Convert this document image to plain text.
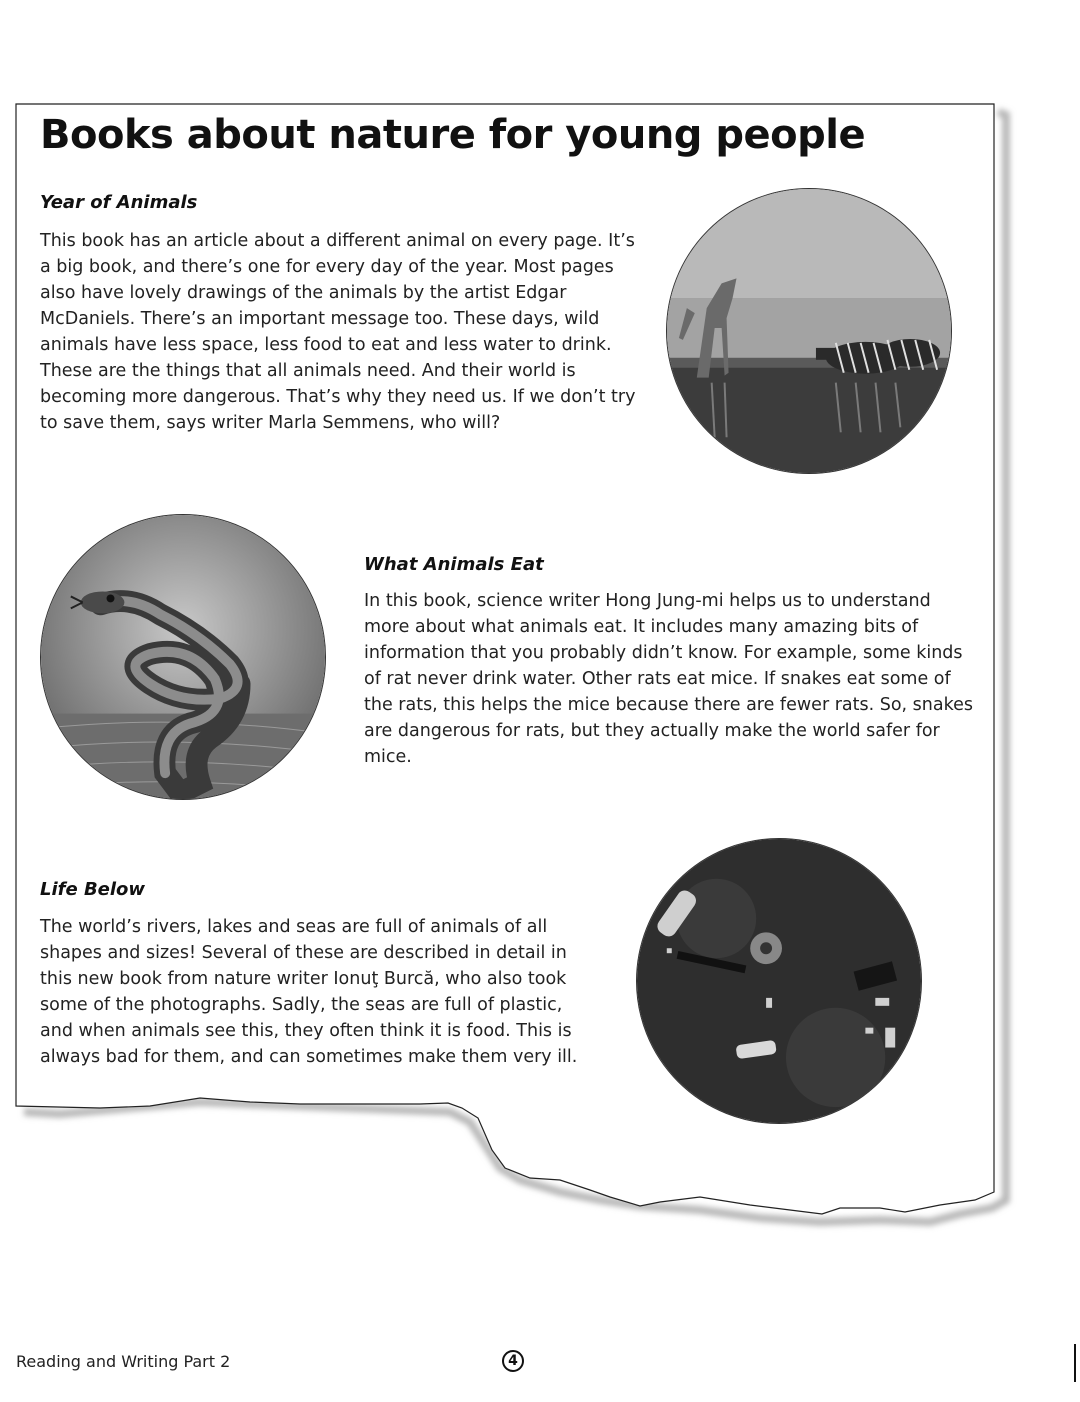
Books about nature for young people
Year of Animals

This book has an article about a different animal on every page. It’s a big book, and there’s one for every day of the year. Most pages also have lovely drawings of the animals by the artist Edgar McDaniels. There’s an important message too. These days, wild animals have less space, less food to eat and less water to drink. These are the things that all animals need. And their world is becoming more dangerous. That’s why they need us. If we don’t try to save them, says writer Marla Semmens, who will?

What Animals Eat

In this book, science writer Hong Jung-mi helps us to understand more about what animals eat. It includes many amazing bits of information that you probably didn’t know. For example, some kinds of rat never drink water. Other rats eat mice. If snakes eat some of the rats, this helps the mice because there are fewer rats. So, snakes are dangerous for rats, but they actually make the world safer for mice.

Life Below

The world’s rivers, lakes and seas are full of animals of all shapes and sizes! Several of these are described in detail in this new book from nature writer Ionuţ Burcă, who also took some of the photographs. Sadly, the seas are full of plastic, and when animals see this, they often think it is food. This is always bad for them, and can sometimes make them very ill.

Reading and Writing Part 2	4
